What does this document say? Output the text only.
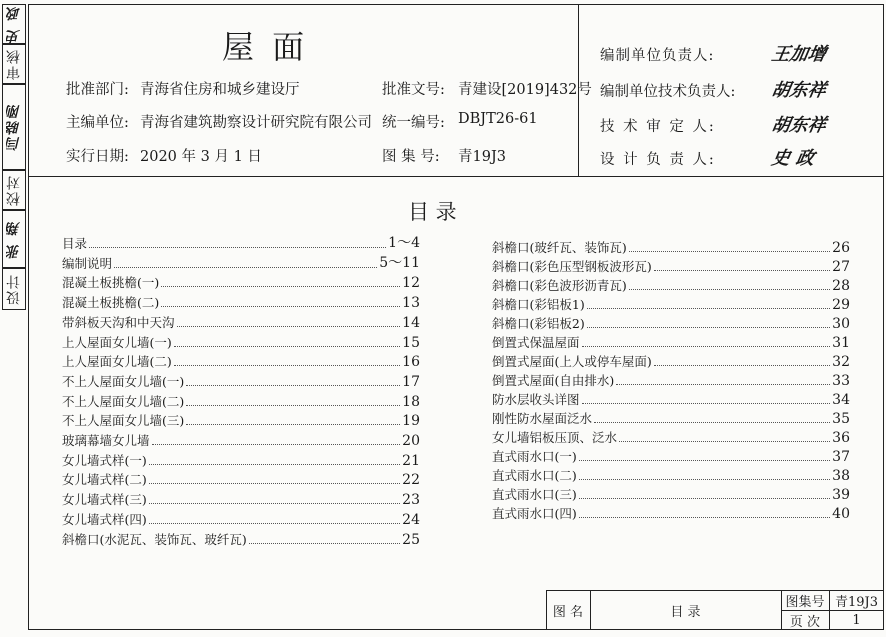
史 政
审核
闫晓刚
校对
张 翔
设计
屋 面
批准部门: 青海省住房和城乡建设厅	批准文号: 青建设[2019]432号
主编单位: 青海省建筑勘察设计研究院有限公司 统一编号: DBJT26-61
实行日期: 2020 年 3 月 1 日	图 集 号: 青19J3
编制单位负责人:	王加增
编制单位技术负责人: 胡东祥
技 术 审 定 人:	胡东祥
设 计 负 责 人:	史 政
目 录
目录	1～4
编制说明	5～11
混凝土板挑檐(一)	12
混凝土板挑檐(二)	13
带斜板天沟和中天沟	14
上人屋面女儿墙(一)	15
上人屋面女儿墙(二)	16
不上人屋面女儿墙(一)	17
不上人屋面女儿墙(二)	18
不上人屋面女儿墙(三)	19
玻璃幕墙女儿墙	20
女儿墙式样(一)	21
女儿墙式样(二)	22
女儿墙式样(三)	23
女儿墙式样(四)	24
斜檐口(水泥瓦、装饰瓦、玻纤瓦)	25
斜檐口(玻纤瓦、装饰瓦)	26
斜檐口(彩色压型钢板波形瓦)	27
斜檐口(彩色波形沥青瓦)	28
斜檐口(彩铝板1)	29
斜檐口(彩铝板2)	30
倒置式保温屋面	31
倒置式屋面(上人或停车屋面)	32
倒置式屋面(自由排水)	33
防水层收头详图	34
刚性防水屋面泛水	35
女儿墙铝板压顶、泛水	36
直式雨水口(一)	37
直式雨水口(二)	38
直式雨水口(三)	39
直式雨水口(四)	40
图 名	目 录
图集号 青19J3
页 次	1
